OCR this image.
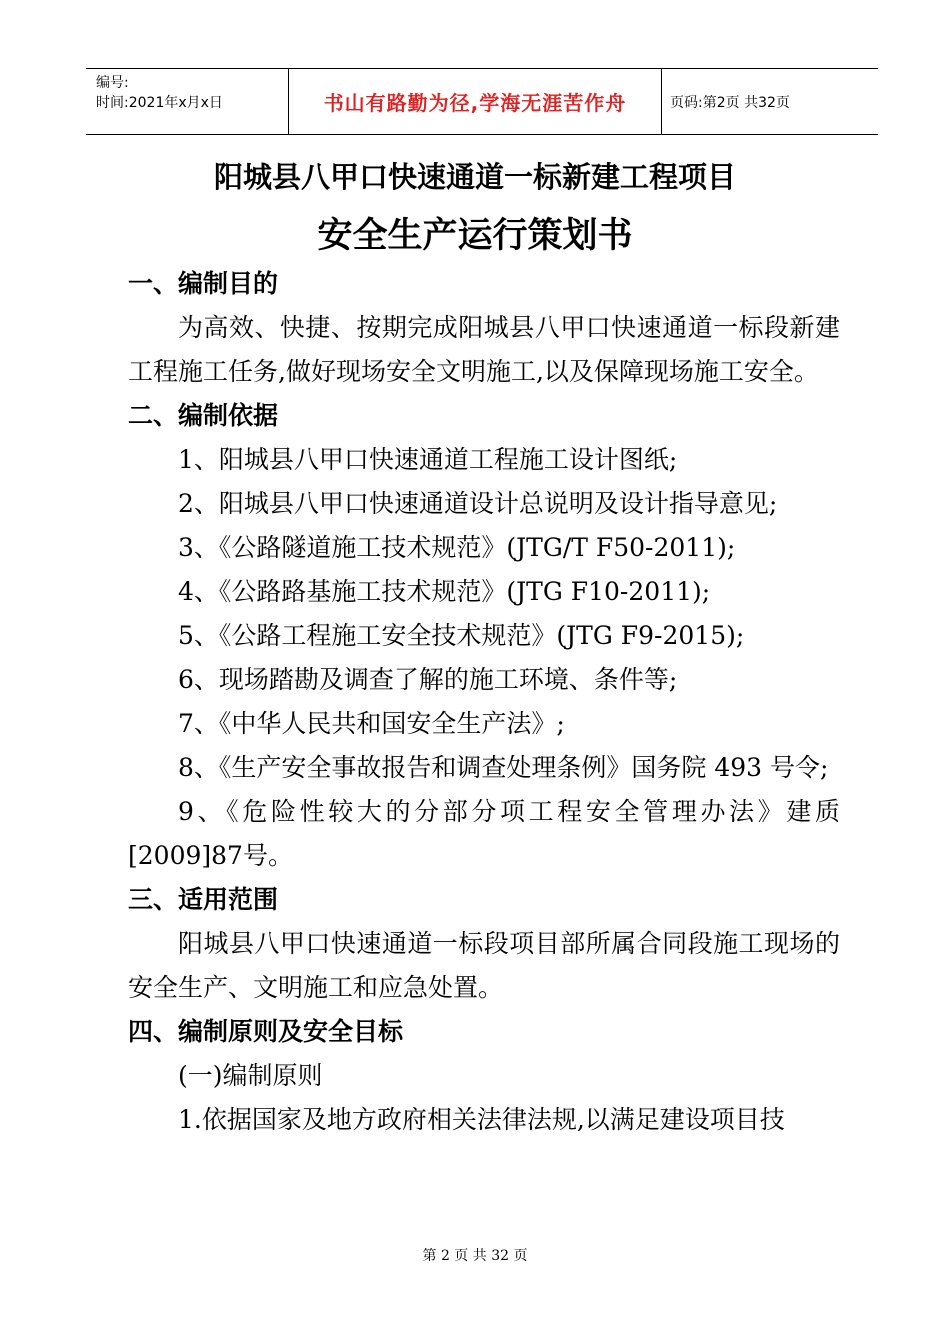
编号:
时间:2021年x月x日	书山有路勤为径,学海无涯苦作舟	页码:第2页 共32页
阳城县八甲口快速通道一标新建工程项目
安全生产运行策划书

一、编制目的

为高效、快捷、按期完成阳城县八甲口快速通道一标段新建工程施工任务,做好现场安全文明施工,以及保障现场施工安全。

二、编制依据

1、阳城县八甲口快速通道工程施工设计图纸;

2、阳城县八甲口快速通道设计总说明及设计指导意见;

3、《公路隧道施工技术规范》(JTG/T F50-2011);

4、《公路路基施工技术规范》(JTG F10-2011);

5、《公路工程施工安全技术规范》(JTG F9-2015);

6、现场踏勘及调查了解的施工环境、条件等;

7、《中华人民共和国安全生产法》;

8、《生产安全事故报告和调查处理条例》国务院 493 号令;

9、《危险性较大的分部分项工程安全管理办法》建质[2009]87号。

三、适用范围

阳城县八甲口快速通道一标段项目部所属合同段施工现场的安全生产、文明施工和应急处置。

四、编制原则及安全目标

(一)编制原则

1.依据国家及地方政府相关法律法规,以满足建设项目技

第 2 页 共 32 页
